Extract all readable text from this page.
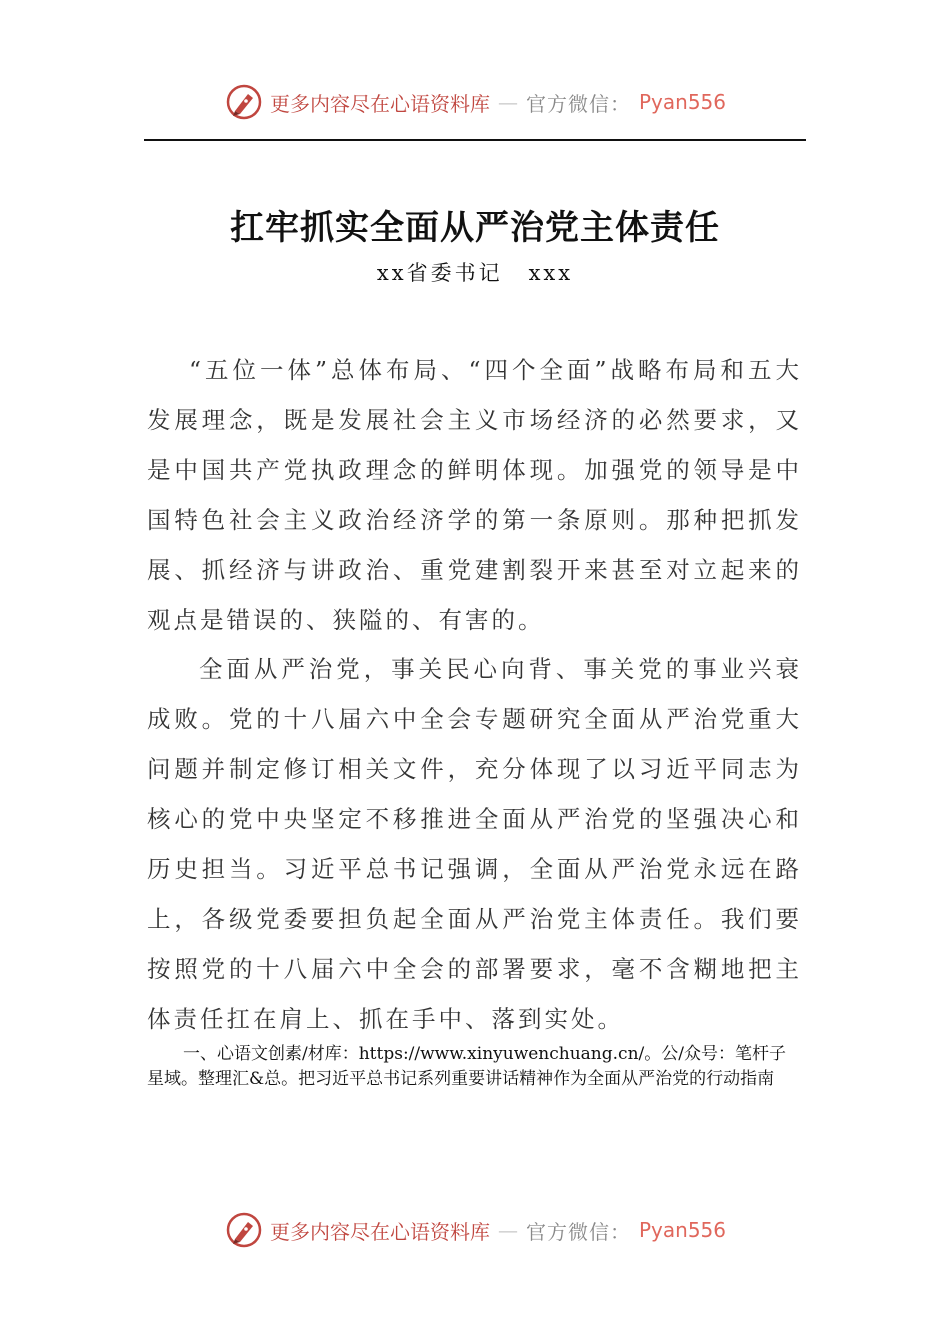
更多内容尽在心语资料库 — 官方微信： Pyan556
扛牢抓实全面从严治党主体责任
xx省委书记 xxx

“五位一体”总体布局、“四个全面”战略布局和五大发展理念，既是发展社会主义市场经济的必然要求，又是中国共产党执政理念的鲜明体现。加强党的领导是中国特色社会主义政治经济学的第一条原则。那种把抓发展、抓经济与讲政治、重党建割裂开来甚至对立起来的观点是错误的、狭隘的、有害的。

全面从严治党，事关民心向背、事关党的事业兴衰成败。党的十八届六中全会专题研究全面从严治党重大问题并制定修订相关文件，充分体现了以习近平同志为核心的党中央坚定不移推进全面从严治党的坚强决心和历史担当。习近平总书记强调，全面从严治党永远在路上，各级党委要担负起全面从严治党主体责任。我们要按照党的十八届六中全会的部署要求，毫不含糊地把主体责任扛在肩上、抓在手中、落到实处。

一、心语文创素/材库：https://www.xinyuwenchuang.cn/。公/众号：笔杆子星域。整理汇&总。把习近平总书记系列重要讲话精神作为全面从严治党的行动指南

更多内容尽在心语资料库 — 官方微信： Pyan556
